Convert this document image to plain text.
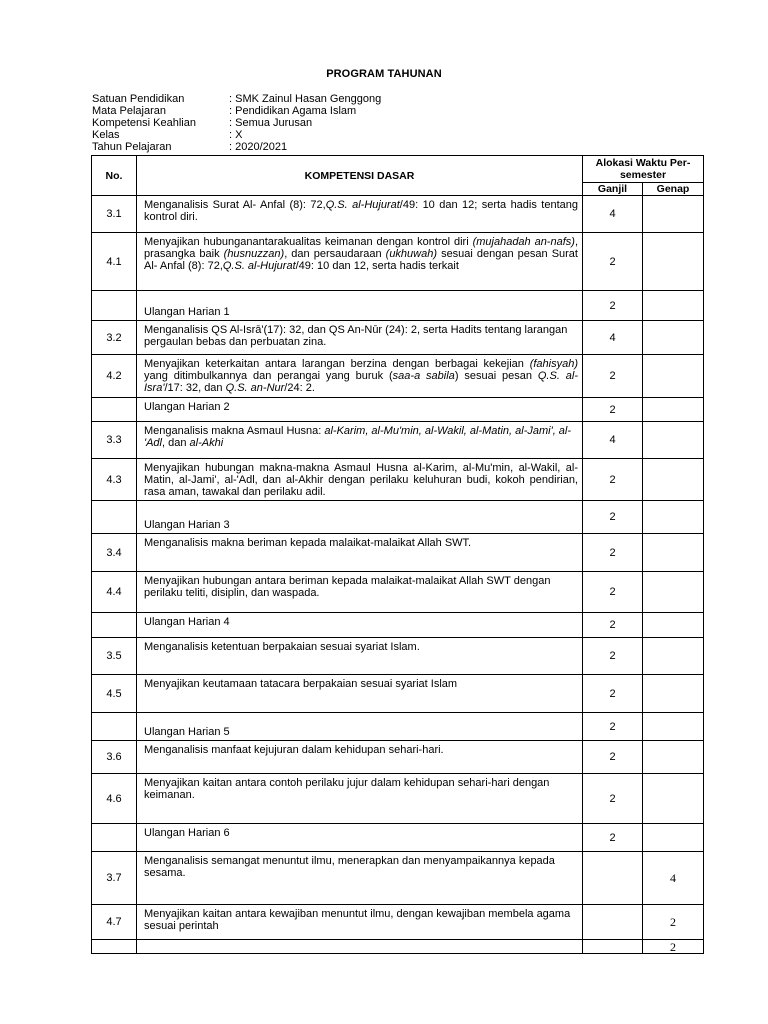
PROGRAM TAHUNAN
Satuan Pendidikan	: SMK Zainul Hasan Genggong
Mata Pelajaran	: Pendidikan Agama Islam
Kompetensi Keahlian	: Semua Jurusan
Kelas	: X
Tahun Pelajaran	: 2020/2021
No.	KOMPETENSI DASAR	Alokasi Waktu Per-semester	
		Ganjil	Genap
3.1	Menganalisis Surat Al- Anfal (8): 72,Q.S. al-Hujurat/49: 10 dan 12; serta hadis tentang kontrol diri.	4	
4.1	Menyajikan hubunganantarakualitas keimanan dengan kontrol diri (mujahadah an-nafs), prasangka baik (husnuzzan), dan persaudaraan (ukhuwah) sesuai dengan pesan Surat Al- Anfal (8): 72,Q.S. al-Hujurat/49: 10 dan 12, serta hadis terkait	2	
	Ulangan Harian 1	2	
3.2	Menganalisis QS Al-Isrā'(17): 32, dan QS An-Nūr (24): 2, serta Hadits tentang larangan pergaulan bebas dan perbuatan zina.	4	
4.2	Menyajikan keterkaitan antara larangan berzina dengan berbagai kekejian (fahisyah) yang ditimbulkannya dan perangai yang buruk (saa-a sabila) sesuai pesan Q.S. al-Isra'/17: 32, dan Q.S. an-Nur/24: 2.	2	
	Ulangan Harian 2	2	
3.3	Menganalisis makna Asmaul Husna: al-Karim, al-Mu'min, al-Wakil, al-Matin, al-Jami', al-'Adl, dan al-Akhi	4	
4.3	Menyajikan hubungan makna-makna Asmaul Husna al-Karim, al-Mu'min, al-Wakil, al-Matin, al-Jami', al-'Adl, dan al-Akhir dengan perilaku keluhuran budi, kokoh pendirian, rasa aman, tawakal dan perilaku adil.	2	
	Ulangan Harian 3	2	
3.4	Menganalisis makna beriman kepada malaikat-malaikat Allah SWT.	2	
4.4	Menyajikan hubungan antara beriman kepada malaikat-malaikat Allah SWT dengan perilaku teliti, disiplin, dan waspada.	2	
	Ulangan Harian 4	2	
3.5	Menganalisis ketentuan berpakaian sesuai syariat Islam.	2	
4.5	Menyajikan keutamaan tatacara berpakaian sesuai syariat Islam	2	
	Ulangan Harian 5	2	
3.6	Menganalisis manfaat kejujuran dalam kehidupan sehari-hari.	2	
4.6	Menyajikan kaitan antara contoh perilaku jujur dalam kehidupan sehari-hari dengan keimanan.	2	
	Ulangan Harian 6	2	
3.7	Menganalisis semangat menuntut ilmu, menerapkan dan menyampaikannya kepada sesama.		4
4.7	Menyajikan kaitan antara kewajiban menuntut ilmu, dengan kewajiban membela agama sesuai perintah		2
			2
